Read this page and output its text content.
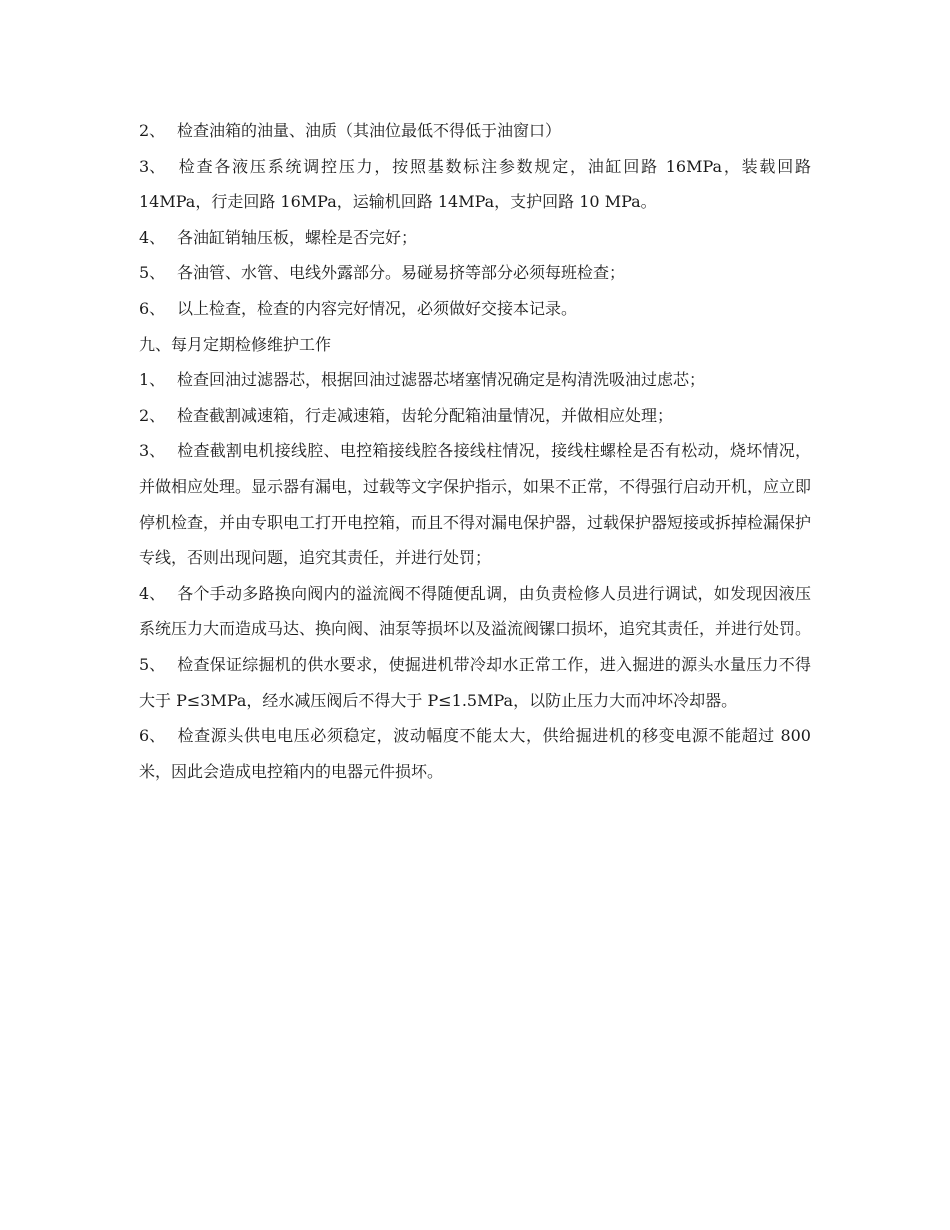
2、 检查油箱的油量、油质（其油位最低不得低于油窗口）

3、 检查各液压系统调控压力，按照基数标注参数规定，油缸回路 16MPa，装载回路 14MPa，行走回路 16MPa，运输机回路 14MPa，支护回路 10 MPa。

4、 各油缸销轴压板，螺栓是否完好；

5、 各油管、水管、电线外露部分。易碰易挤等部分必须每班检查；

6、 以上检查，检查的内容完好情况，必须做好交接本记录。

九、每月定期检修维护工作

1、 检查回油过滤器芯，根据回油过滤器芯堵塞情况确定是构清洗吸油过虑芯；

2、 检查截割减速箱，行走减速箱，齿轮分配箱油量情况，并做相应处理；

3、 检查截割电机接线腔、电控箱接线腔各接线柱情况，接线柱螺栓是否有松动，烧坏情况，并做相应处理。显示器有漏电，过载等文字保护指示，如果不正常，不得强行启动开机，应立即停机检查，并由专职电工打开电控箱，而且不得对漏电保护器，过载保护器短接或拆掉检漏保护专线，否则出现问题，追究其责任，并进行处罚；

4、 各个手动多路换向阀内的溢流阀不得随便乱调，由负责检修人员进行调试，如发现因液压系统压力大而造成马达、换向阀、油泵等损坏以及溢流阀镙口损坏，追究其责任，并进行处罚。

5、 检查保证综掘机的供水要求，使掘进机带冷却水正常工作，进入掘进的源头水量压力不得大于 P≤3MPa，经水减压阀后不得大于 P≤1.5MPa，以防止压力大而冲坏冷却器。

6、 检查源头供电电压必须稳定，波动幅度不能太大，供给掘进机的移变电源不能超过 800 米，因此会造成电控箱内的电器元件损坏。
